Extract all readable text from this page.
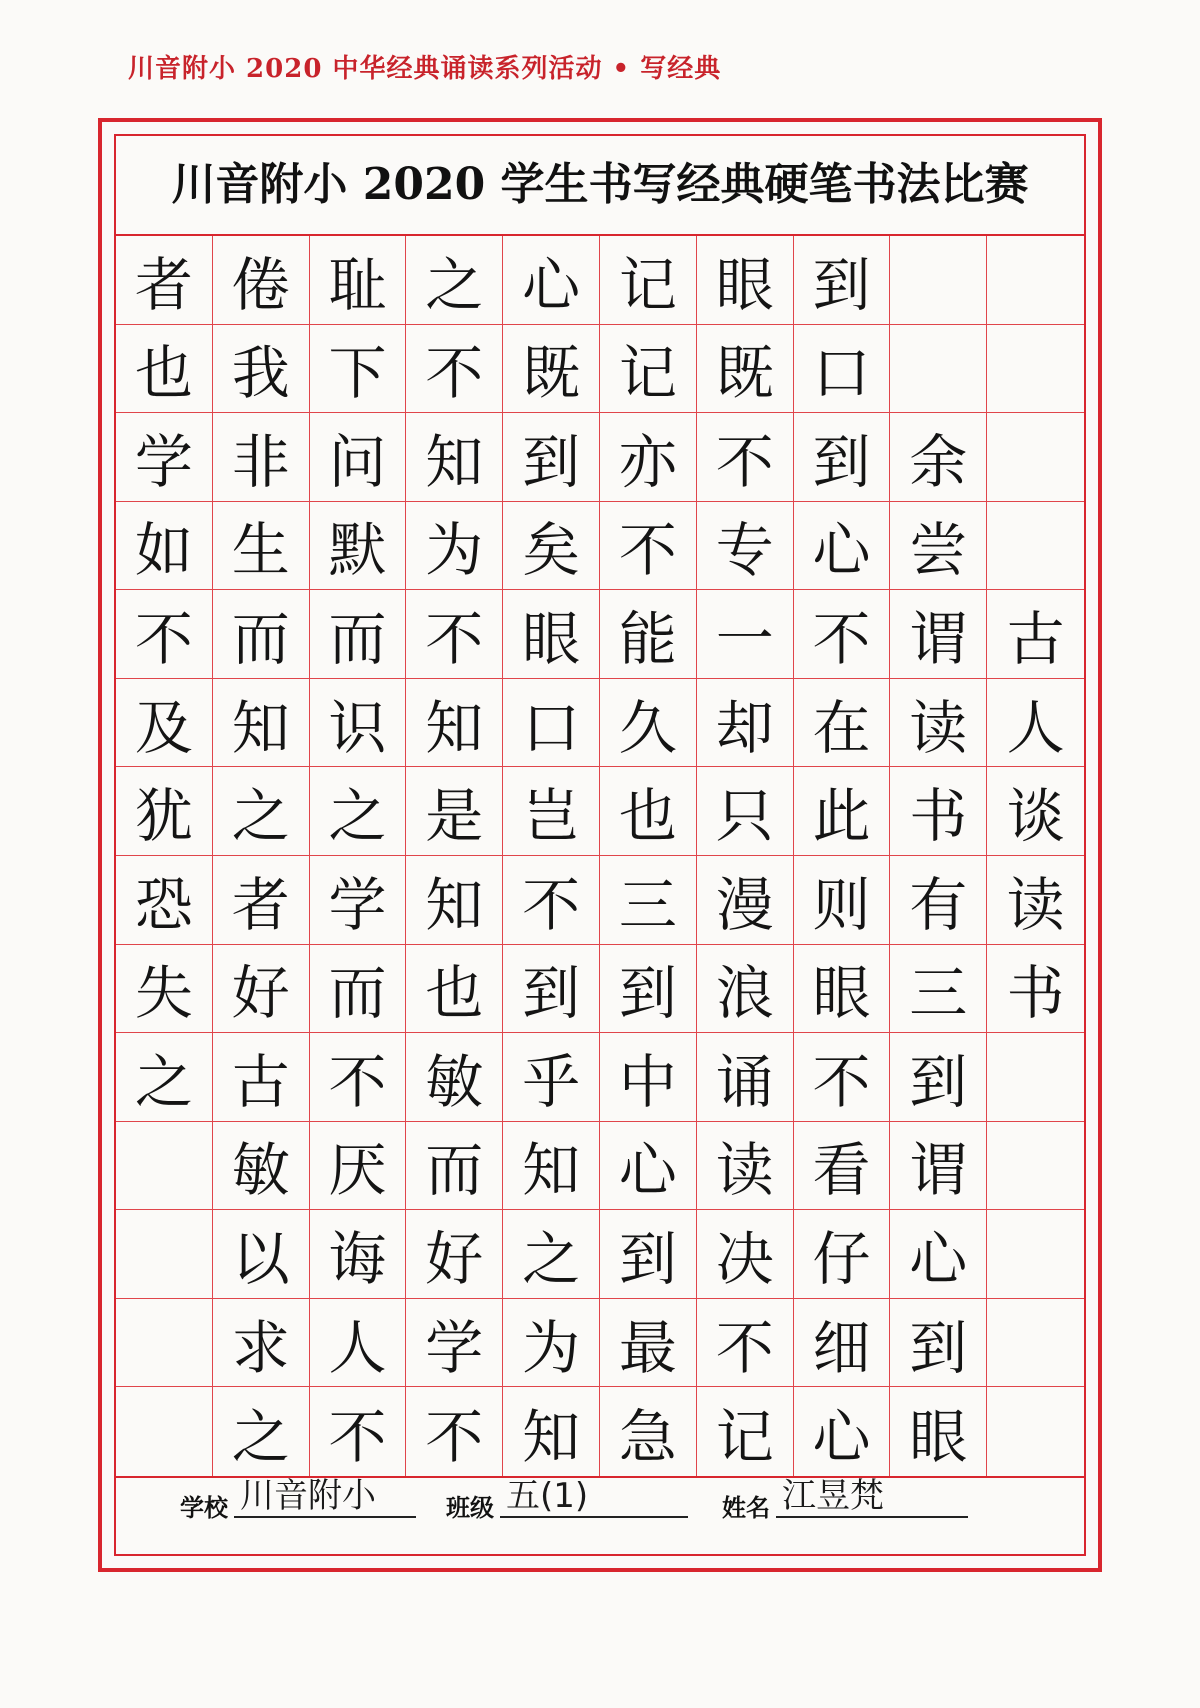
川音附小 2020 中华经典诵读系列活动 • 写经典
川音附小 2020 学生书写经典硬笔书法比赛
者 倦 耻 之 心 记 眼 到
也 我 下 不 既 记 既 口
学 非 问 知 到 亦 不 到 余
如 生 默 为 矣 不 专 心 尝
不 而 而 不 眼 能 一 不 谓 古
及 知 识 知 口 久 却 在 读 人
犹 之 之 是 岂 也 只 此 书 谈
恐 者 学 知 不 三 漫 则 有 读
失 好 而 也 到 到 浪 眼 三 书
之 古 不 敏 乎 中 诵 不 到
敏 厌 而 知 心 读 看 谓
以 诲 好 之 到 决 仔 心
求 人 学 为 最 不 细 到
之 不 不 知 急 记 心 眼
学校 川音附小	班级 五(1)	姓名 江昱梵
